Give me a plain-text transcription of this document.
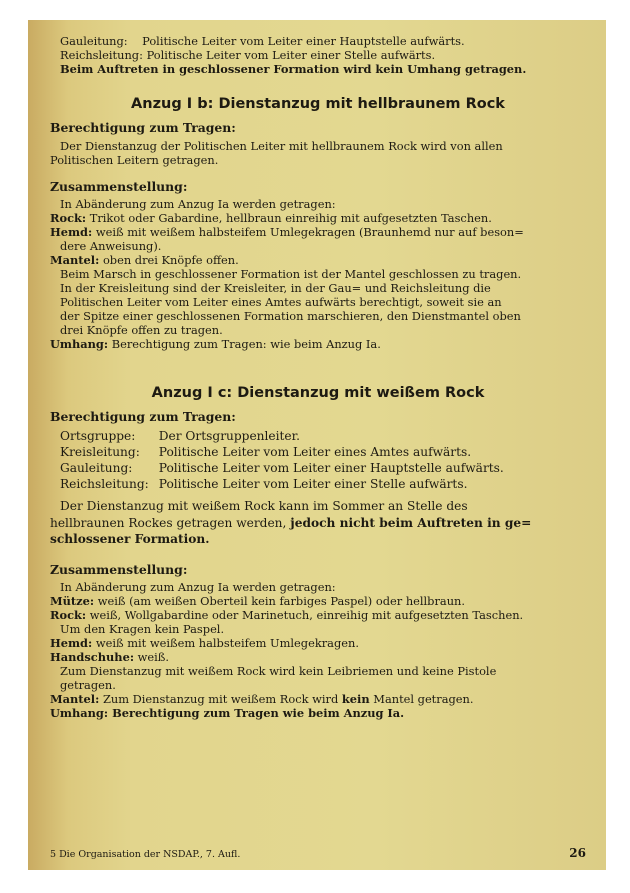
Gauleitung: Politische Leiter vom Leiter einer Hauptstelle aufwärts.

Reichsleitung: Politische Leiter vom Leiter einer Stelle aufwärts.

Beim Auftreten in geschlossener Formation wird kein Umhang getragen.

Anzug I b: Dienstanzug mit hellbraunem Rock

Berechtigung zum Tragen:

Der Dienstanzug der Politischen Leiter mit hellbraunem Rock wird von allen

Politischen Leitern getragen.

Zusammenstellung:

In Abänderung zum Anzug Ia werden getragen:

Rock: Trikot oder Gabardine, hellbraun einreihig mit aufgesetzten Taschen.

Hemd: weiß mit weißem halbsteifem Umlegekragen (Braunhemd nur auf beson=

dere Anweisung).

Mantel: oben drei Knöpfe offen.

Beim Marsch in geschlossener Formation ist der Mantel geschlossen zu tragen.

In der Kreisleitung sind der Kreisleiter, in der Gau= und Reichsleitung die

Politischen Leiter vom Leiter eines Amtes aufwärts berechtigt, soweit sie an

der Spitze einer geschlossenen Formation marschieren, den Dienstmantel oben

drei Knöpfe offen zu tragen.

Umhang: Berechtigung zum Tragen: wie beim Anzug Ia.

Anzug I c: Dienstanzug mit weißem Rock

Berechtigung zum Tragen:

Ortsgruppe:	Der Ortsgruppenleiter.
Kreisleitung:	Politische Leiter vom Leiter eines Amtes aufwärts.
Gauleitung:	Politische Leiter vom Leiter einer Hauptstelle aufwärts.
Reichsleitung:	Politische Leiter vom Leiter einer Stelle aufwärts.

Der Dienstanzug mit weißem Rock kann im Sommer an Stelle des

hellbraunen Rockes getragen werden, jedoch nicht beim Auftreten in ge=

schlossener Formation.

Zusammenstellung:

In Abänderung zum Anzug Ia werden getragen:

Mütze: weiß (am weißen Oberteil kein farbiges Paspel) oder hellbraun.

Rock: weiß, Wollgabardine oder Marinetuch, einreihig mit aufgesetzten Taschen.

Um den Kragen kein Paspel.

Hemd: weiß mit weißem halbsteifem Umlegekragen.

Handschuhe: weiß.

Zum Dienstanzug mit weißem Rock wird kein Leibriemen und keine Pistole

getragen.

Mantel: Zum Dienstanzug mit weißem Rock wird kein Mantel getragen.

Umhang: Berechtigung zum Tragen wie beim Anzug Ia.

5 Die Organisation der NSDAP., 7. Aufl.	26
